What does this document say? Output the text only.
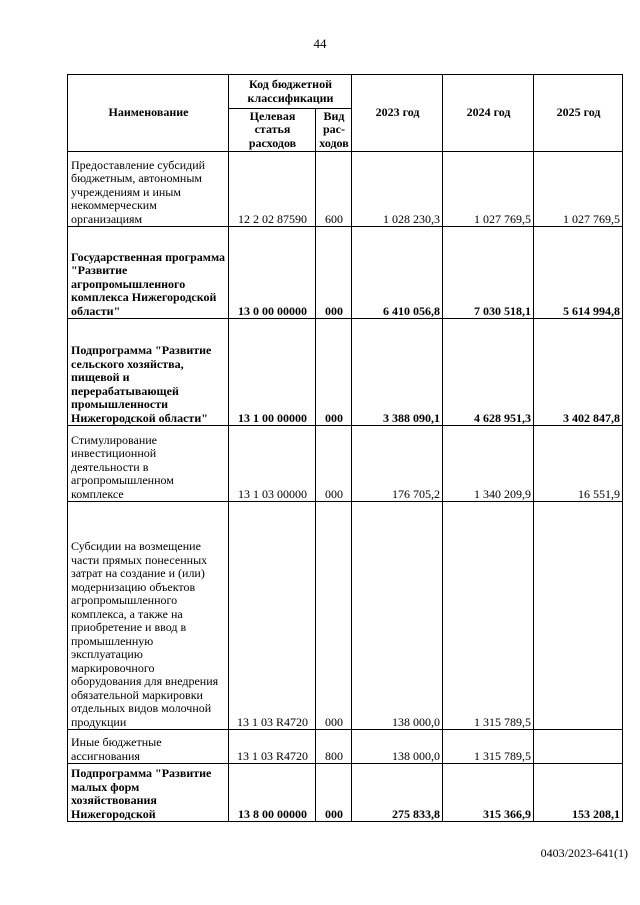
44
Наименование	Код бюджетной классификации		2023 год	2024 год	2025 год
	Целевая статья расходов	Вид рас-ходов			
Предоставление субсидий бюджетным, автономным учреждениям и иным некоммерческим организациям	12 2 02 87590	600	1 028 230,3	1 027 769,5	1 027 769,5
Государственная программа "Развитие агропромышленного комплекса Нижегородской области"	13 0 00 00000	000	6 410 056,8	7 030 518,1	5 614 994,8
Подпрограмма "Развитие сельского хозяйства, пищевой и перерабатывающей промышленности Нижегородской области"	13 1 00 00000	000	3 388 090,1	4 628 951,3	3 402 847,8
Стимулирование инвестиционной деятельности в агропромышленном комплексе	13 1 03 00000	000	176 705,2	1 340 209,9	16 551,9
Субсидии на возмещение части прямых понесенных затрат на создание и (или) модернизацию объектов агропромышленного комплекса, а также на приобретение и ввод в промышленную эксплуатацию маркировочного оборудования для внедрения обязательной маркировки отдельных видов молочной продукции	13 1 03 R4720	000	138 000,0	1 315 789,5	
Иные бюджетные ассигнования	13 1 03 R4720	800	138 000,0	1 315 789,5	
Подпрограмма "Развитие малых форм хозяйствования Нижегородской	13 8 00 00000	000	275 833,8	315 366,9	153 208,1
0403/2023-641(1)
